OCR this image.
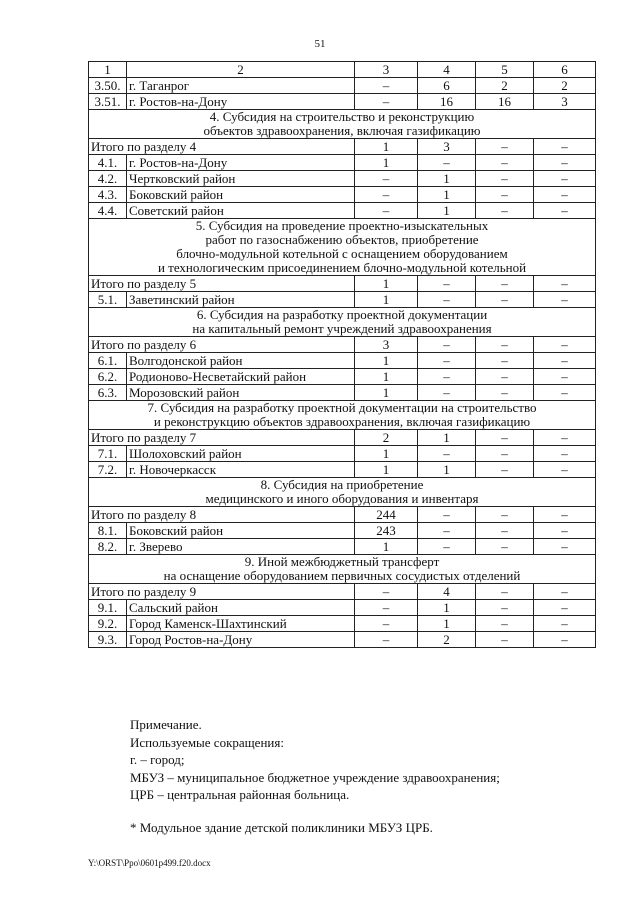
51
1	2	3	4	5	6
3.50.	г. Таганрог	–	6	2	2
3.51.	г. Ростов-на-Дону	–	16	16	3

4. Субсидия на строительство и реконструкцию
объектов здравоохранения, включая газификацию					

Итого по разделу 4		1	3	–	–
4.1.	г. Ростов-на-Дону	1	–	–	–
4.2.	Чертковский район	–	1	–	–
4.3.	Боковский район	–	1	–	–
4.4.	Советский район	–	1	–	–

5. Субсидия на проведение проектно-изыскательных
работ по газоснабжению объектов, приобретение
блочно-модульной котельной с оснащением оборудованием
и технологическим присоединением блочно-модульной котельной					

Итого по разделу 5		1	–	–	–
5.1.	Заветинский район	1	–	–	–

6. Субсидия на разработку проектной документации
на капитальный ремонт учреждений здравоохранения					

Итого по разделу 6		3	–	–	–
6.1.	Волгодонской район	1	–	–	–
6.2.	Родионово-Несветайский район	1	–	–	–
6.3.	Морозовский район	1	–	–	–

7. Субсидия на разработку проектной документации на строительство
и реконструкцию объектов здравоохранения, включая газификацию					

Итого по разделу 7		2	1	–	–
7.1.	Шолоховский район	1	–	–	–
7.2.	г. Новочеркасск	1	1	–	–

8. Субсидия на приобретение
медицинского и иного оборудования и инвентаря					

Итого по разделу 8		244	–	–	–
8.1.	Боковский район	243	–	–	–
8.2.	г. Зверево	1	–	–	–

9. Иной межбюджетный трансферт
на оснащение оборудованием первичных сосудистых отделений					

Итого по разделу 9		–	4	–	–
9.1.	Сальский район	–	1	–	–
9.2.	Город Каменск-Шахтинский	–	1	–	–
9.3.	Город Ростов-на-Дону	–	2	–	–
Примечание.
Используемые сокращения:
г. – город;
МБУЗ – муниципальное бюджетное учреждение здравоохранения;
ЦРБ – центральная районная больница.
* Модульное здание детской поликлиники МБУЗ ЦРБ.
Y:\ORST\Ppo\0601p499.f20.docx
